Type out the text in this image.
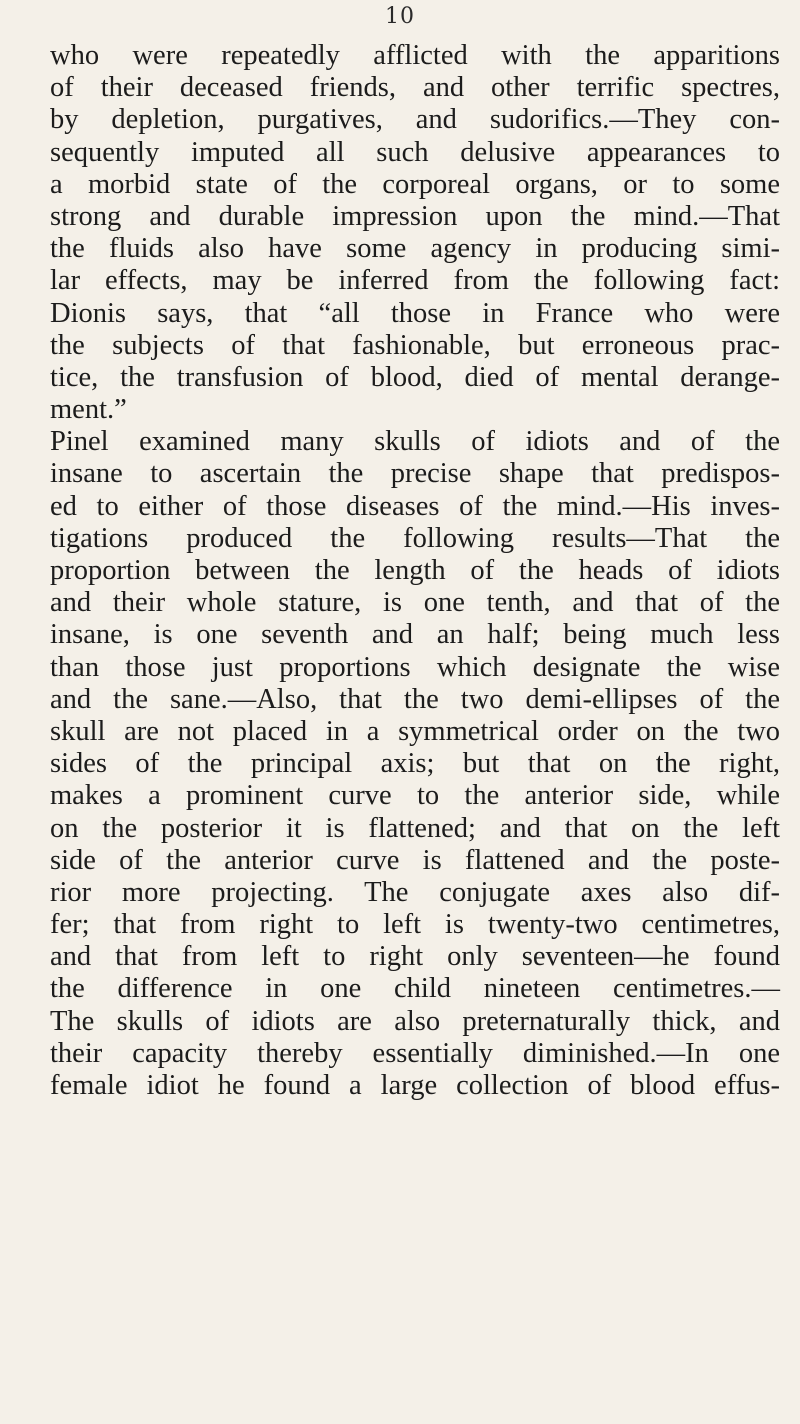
10
who were repeatedly afflicted with the apparitions
of their deceased friends, and other terrific spectres,
by depletion, purgatives, and sudorifics.—They con-
sequently imputed all such delusive appearances to
a morbid state of the corporeal organs, or to some
strong and durable impression upon the mind.—That
the fluids also have some agency in producing simi-
lar effects, may be inferred from the following fact:
Dionis says, that “all those in France who were
the subjects of that fashionable, but erroneous prac-
tice, the transfusion of blood, died of mental derange-
ment.”
Pinel examined many skulls of idiots and of the
insane to ascertain the precise shape that predispos-
ed to either of those diseases of the mind.—His inves-
tigations produced the following results—That the
proportion between the length of the heads of idiots
and their whole stature, is one tenth, and that of the
insane, is one seventh and an half; being much less
than those just proportions which designate the wise
and the sane.—Also, that the two demi-ellipses of the
skull are not placed in a symmetrical order on the two
sides of the principal axis; but that on the right,
makes a prominent curve to the anterior side, while
on the posterior it is flattened; and that on the left
side of the anterior curve is flattened and the poste-
rior more projecting. The conjugate axes also dif-
fer; that from right to left is twenty-two centimetres,
and that from left to right only seventeen—he found
the difference in one child nineteen centimetres.—
The skulls of idiots are also preternaturally thick, and
their capacity thereby essentially diminished.—In one
female idiot he found a large collection of blood effus-
